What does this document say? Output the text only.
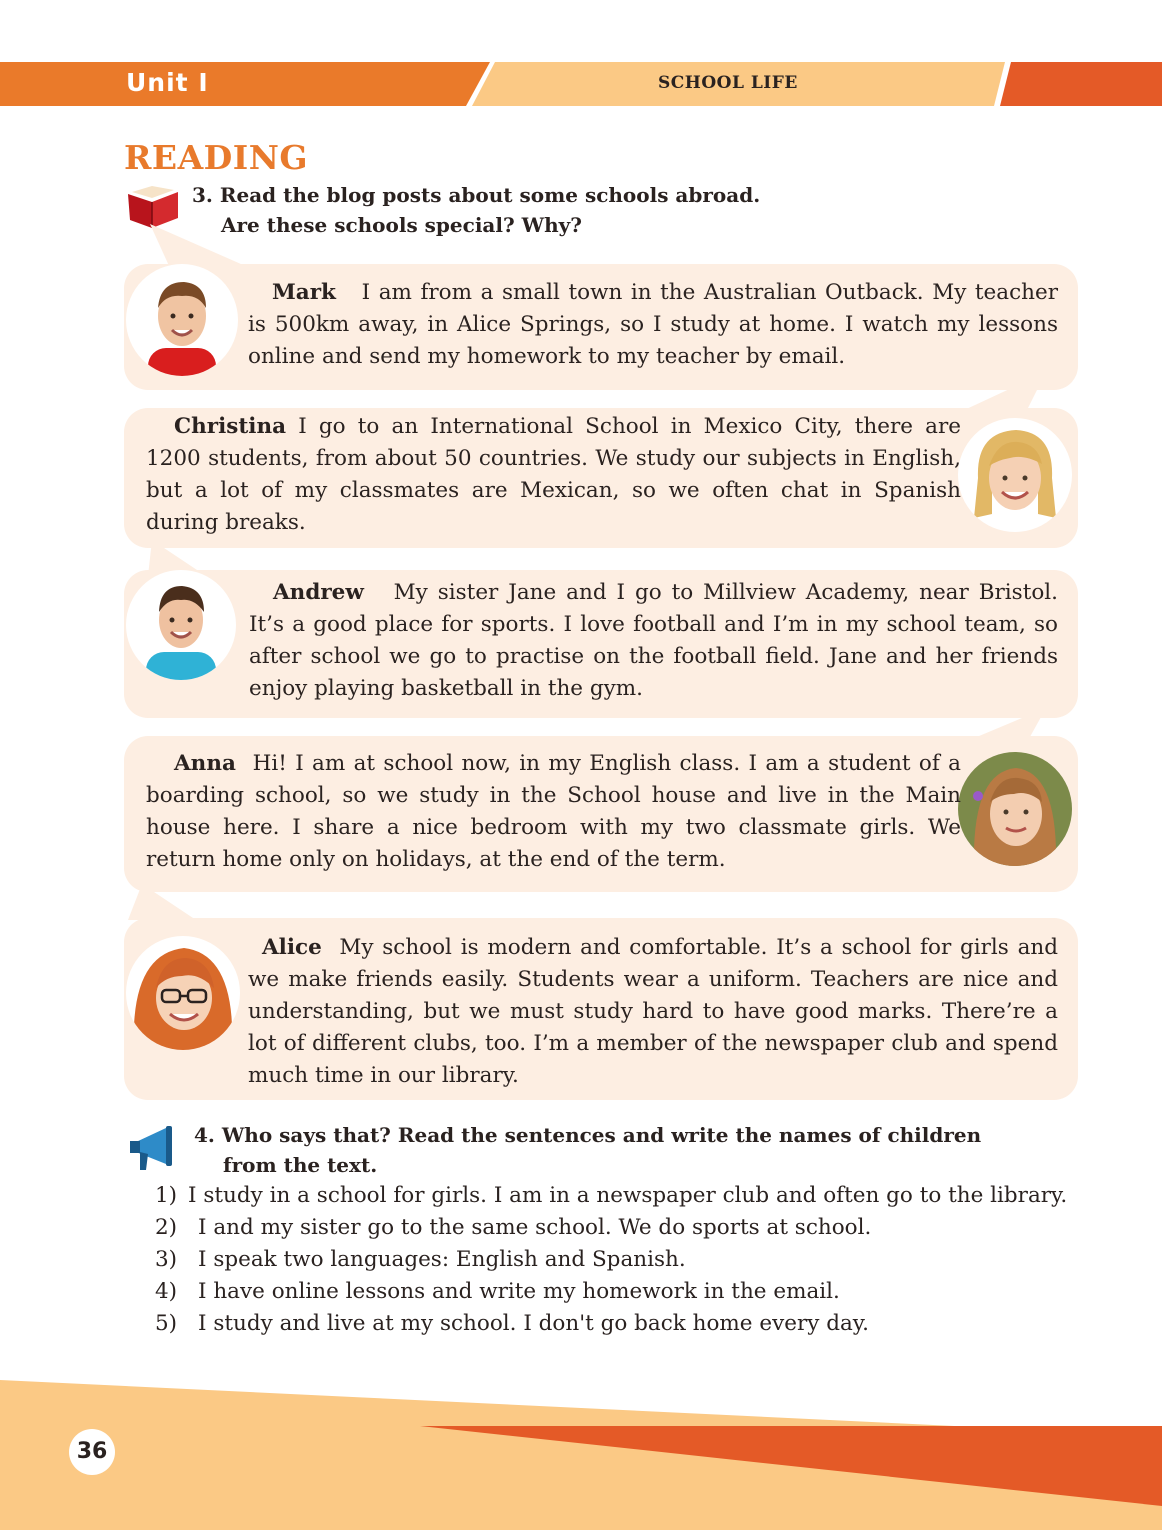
Unit I	SCHOOL LIFE
READING
3. Read the blog posts about some schools abroad.
Are these schools special? Why?

Mark I am from a small town in the Australian Outback. My teacher is 500km away, in Alice Springs, so I study at home. I watch my lessons online and send my homework to my teacher by email.

Christina I go to an International School in Mexico City, there are 1200 students, from about 50 countries. We study our subjects in English, but a lot of my classmates are Mexican, so we often chat in Spanish during breaks.

Andrew My sister Jane and I go to Millview Academy, near Bristol. It’s a good place for sports. I love football and I’m in my school team, so after school we go to practise on the football field. Jane and her friends enjoy playing basketball in the gym.

Anna Hi! I am at school now, in my English class. I am a student of a boarding school, so we study in the School house and live in the Main house here. I share a nice bedroom with my two classmate girls. We return home only on holidays, at the end of the term.

Alice My school is modern and comfortable. It’s a school for girls and we make friends easily. Students wear a uniform. Teachers are nice and understanding, but we must study hard to have good marks. There’re a lot of different clubs, too. I’m a member of the newspaper club and spend much time in our library.

4. Who says that? Read the sentences and write the names of children
from the text.
1) I study in a school for girls. I am in a newspaper club and often go to the library.
2) I and my sister go to the same school. We do sports at school.
3) I speak two languages: English and Spanish.
4) I have online lessons and write my homework in the email.
5) I study and live at my school. I don't go back home every day.
36
